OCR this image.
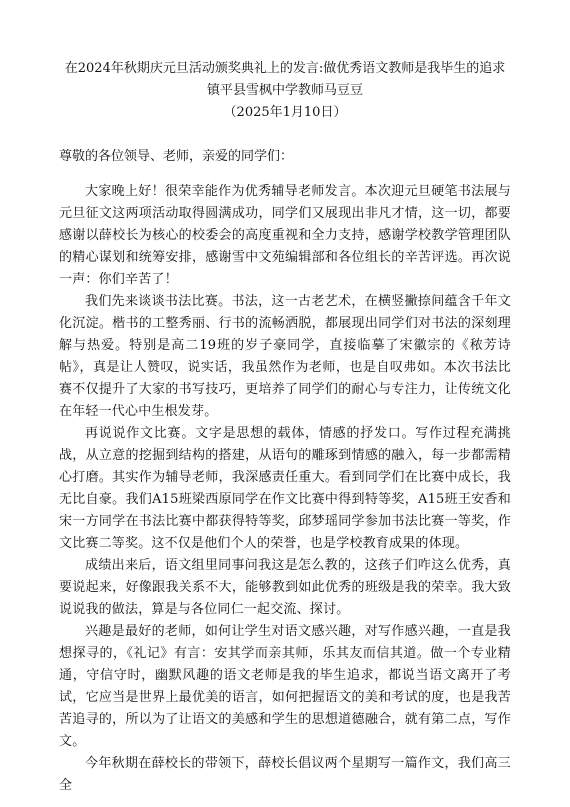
在2024年秋期庆元旦活动颁奖典礼上的发言:做优秀语文教师是我毕生的追求

镇平县雪枫中学教师马豆豆

（2025年1月10日）

尊敬的各位领导、老师，亲爱的同学们：

大家晚上好！很荣幸能作为优秀辅导老师发言。本次迎元旦硬笔书法展与元旦征文这两项活动取得圆满成功，同学们又展现出非凡才情，这一切，都要感谢以薛校长为核心的校委会的高度重视和全力支持，感谢学校教学管理团队的精心谋划和统筹安排，感谢雪中文苑编辑部和各位组长的辛苦评选。再次说一声：你们辛苦了！

我们先来谈谈书法比赛。书法，这一古老艺术，在横竖撇捺间蕴含千年文化沉淀。楷书的工整秀丽、行书的流畅洒脱，都展现出同学们对书法的深刻理解与热爱。特别是高二19班的岁子豪同学，直接临摹了宋徽宗的《秾芳诗帖》，真是让人赞叹，说实话，我虽然作为老师，也是自叹弗如。本次书法比赛不仅提升了大家的书写技巧，更培养了同学们的耐心与专注力，让传统文化在年轻一代心中生根发芽。

再说说作文比赛。文字是思想的载体，情感的抒发口。写作过程充满挑战，从立意的挖掘到结构的搭建，从语句的雕琢到情感的融入，每一步都需精心打磨。其实作为辅导老师，我深感责任重大。看到同学们在比赛中成长，我无比自豪。我们A15班梁西原同学在作文比赛中得到特等奖，A15班王安香和宋一方同学在书法比赛中都获得特等奖，邱梦瑶同学参加书法比赛一等奖，作文比赛二等奖。这不仅是他们个人的荣誉，也是学校教育成果的体现。

成绩出来后，语文组里同事问我这是怎么教的，这孩子们咋这么优秀，真要说起来，好像跟我关系不大，能够教到如此优秀的班级是我的荣幸。我大致说说我的做法，算是与各位同仁一起交流、探讨。

兴趣是最好的老师，如何让学生对语文感兴趣，对写作感兴趣，一直是我想探寻的，《礼记》有言：安其学而亲其师，乐其友而信其道。做一个专业精通，守信守时，幽默风趣的语文老师是我的毕生追求，都说当语文离开了考试，它应当是世界上最优美的语言，如何把握语文的美和考试的度，也是我苦苦追寻的，所以为了让语文的美感和学生的思想道德融合，就有第二点，写作文。

今年秋期在薛校长的带领下，薛校长倡议两个星期写一篇作文，我们高三全
